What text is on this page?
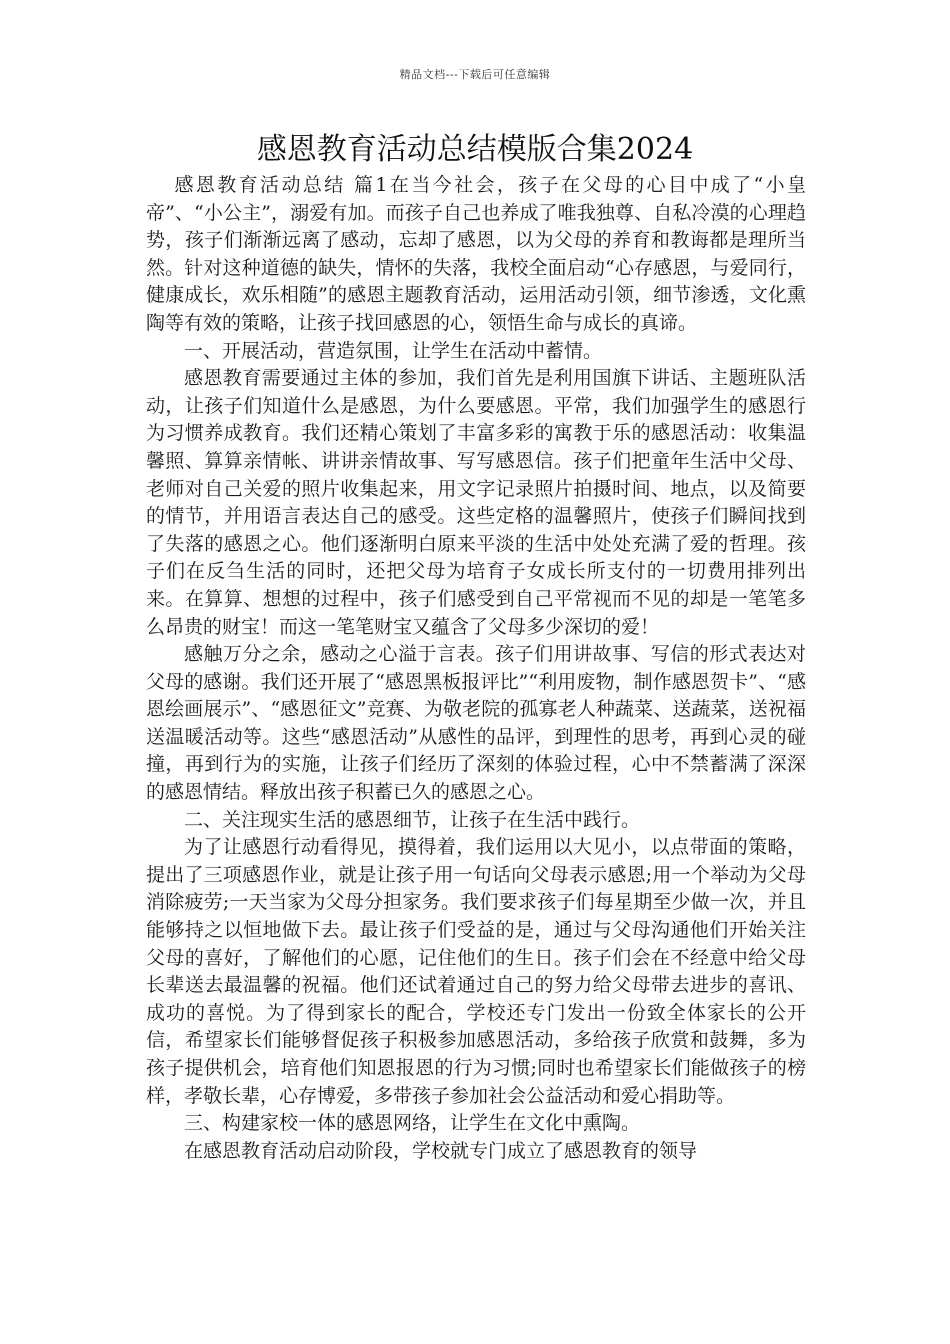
精品文档---下载后可任意编辑
感恩教育活动总结模版合集2024

感恩教育活动总结 篇1在当今社会，孩子在父母的心目中成了“小皇帝”、“小公主”，溺爱有加。而孩子自己也养成了唯我独尊、自私冷漠的心理趋势，孩子们渐渐远离了感动，忘却了感恩，以为父母的养育和教诲都是理所当然。针对这种道德的缺失，情怀的失落，我校全面启动“心存感恩，与爱同行，健康成长，欢乐相随”的感恩主题教育活动，运用活动引领，细节渗透，文化熏陶等有效的策略，让孩子找回感恩的心，领悟生命与成长的真谛。

一、开展活动，营造氛围，让学生在活动中蓄情。

感恩教育需要通过主体的参加，我们首先是利用国旗下讲话、主题班队活动，让孩子们知道什么是感恩，为什么要感恩。平常，我们加强学生的感恩行为习惯养成教育。我们还精心策划了丰富多彩的寓教于乐的感恩活动：收集温馨照、算算亲情帐、讲讲亲情故事、写写感恩信。孩子们把童年生活中父母、老师对自己关爱的照片收集起来，用文字记录照片拍摄时间、地点，以及简要的情节，并用语言表达自己的感受。这些定格的温馨照片，使孩子们瞬间找到了失落的感恩之心。他们逐渐明白原来平淡的生活中处处充满了爱的哲理。孩子们在反刍生活的同时，还把父母为培育子女成长所支付的一切费用排列出来。在算算、想想的过程中，孩子们感受到自己平常视而不见的却是一笔笔多么昂贵的财宝！而这一笔笔财宝又蕴含了父母多少深切的爱！

感触万分之余，感动之心溢于言表。孩子们用讲故事、写信的形式表达对父母的感谢。我们还开展了“感恩黑板报评比”“利用废物，制作感恩贺卡”、“感恩绘画展示”、“感恩征文”竞赛、为敬老院的孤寡老人种蔬菜、送蔬菜，送祝福送温暖活动等。这些“感恩活动”从感性的品评，到理性的思考，再到心灵的碰撞，再到行为的实施，让孩子们经历了深刻的体验过程，心中不禁蓄满了深深的感恩情结。释放出孩子积蓄已久的感恩之心。

二、关注现实生活的感恩细节，让孩子在生活中践行。

为了让感恩行动看得见，摸得着，我们运用以大见小，以点带面的策略，提出了三项感恩作业，就是让孩子用一句话向父母表示感恩;用一个举动为父母消除疲劳;一天当家为父母分担家务。我们要求孩子们每星期至少做一次，并且能够持之以恒地做下去。最让孩子们受益的是，通过与父母沟通他们开始关注父母的喜好，了解他们的心愿，记住他们的生日。孩子们会在不经意中给父母长辈送去最温馨的祝福。他们还试着通过自己的努力给父母带去进步的喜讯、成功的喜悦。为了得到家长的配合，学校还专门发出一份致全体家长的公开信，希望家长们能够督促孩子积极参加感恩活动，多给孩子欣赏和鼓舞，多为孩子提供机会，培育他们知恩报恩的行为习惯;同时也希望家长们能做孩子的榜样，孝敬长辈，心存博爱，多带孩子参加社会公益活动和爱心捐助等。

三、构建家校一体的感恩网络，让学生在文化中熏陶。

在感恩教育活动启动阶段，学校就专门成立了感恩教育的领导
